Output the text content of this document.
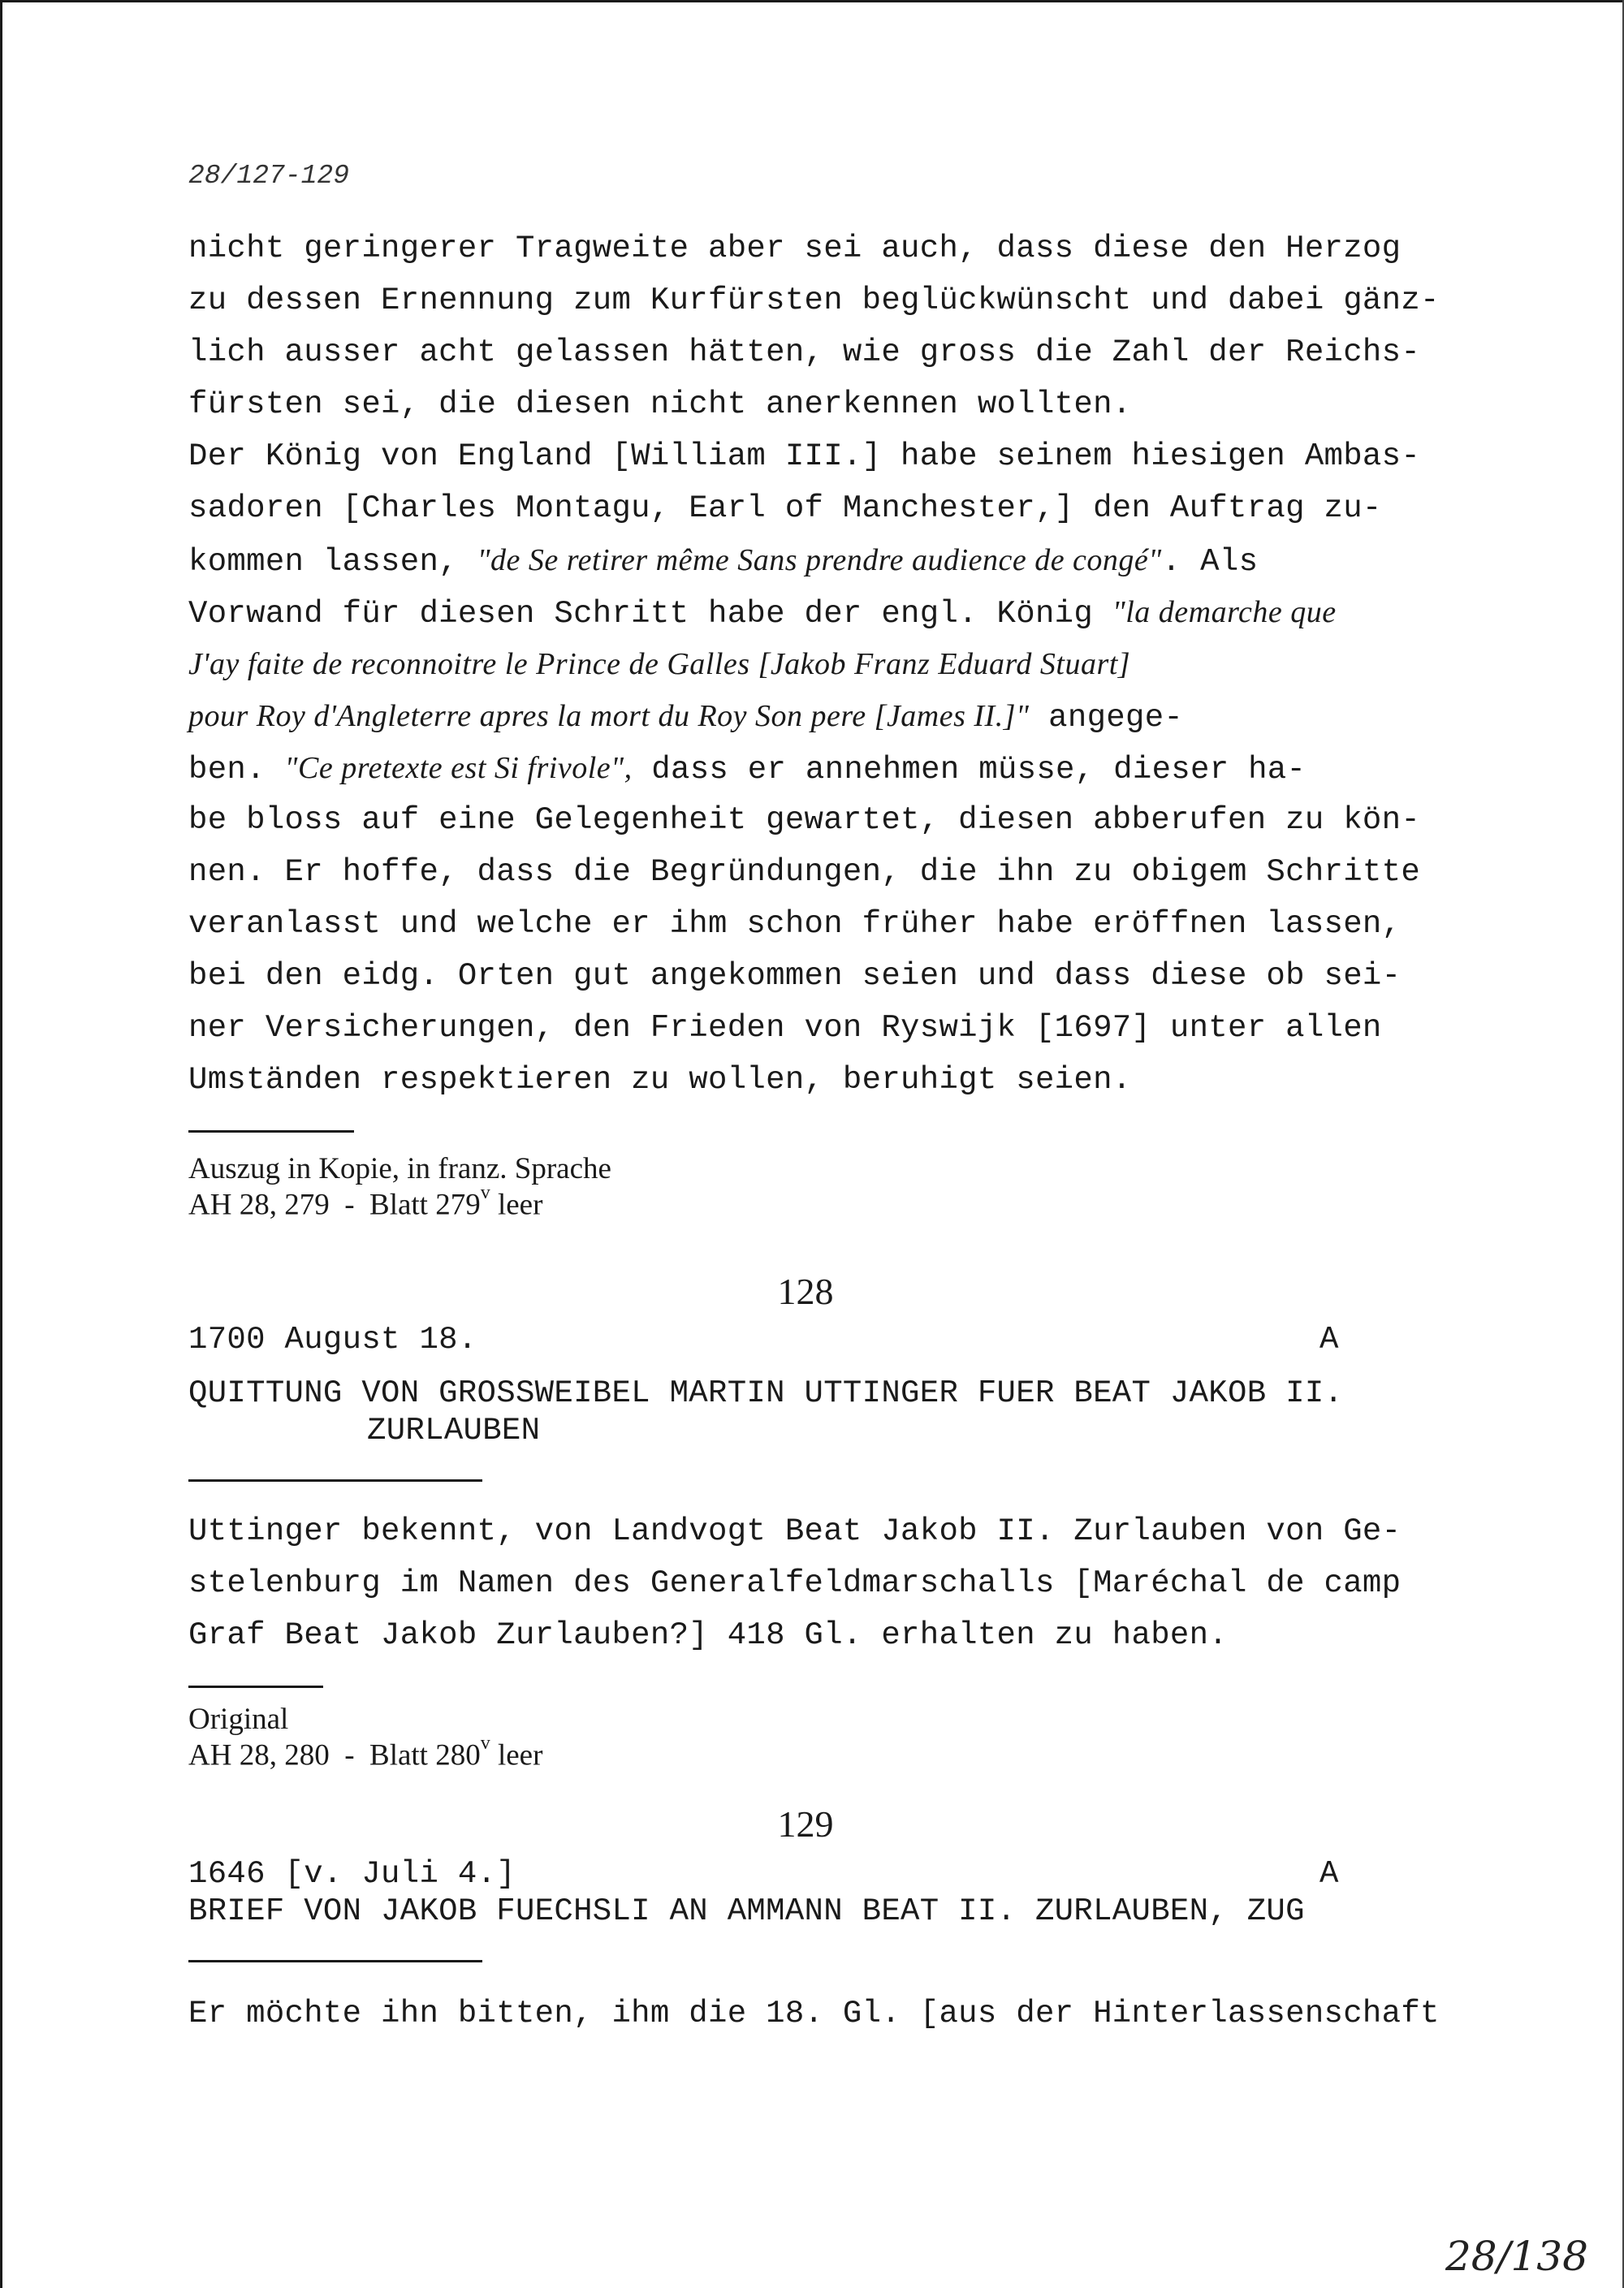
28/127-129
nicht geringerer Tragweite aber sei auch, dass diese den Herzog
zu dessen Ernennung zum Kurfürsten beglückwünscht und dabei gänz-
lich ausser acht gelassen hätten, wie gross die Zahl der Reichs-
fürsten sei, die diesen nicht anerkennen wollten.
Der König von England [William III.] habe seinem hiesigen Ambas-
sadoren [Charles Montagu, Earl of Manchester,] den Auftrag zu-
kommen lassen, "de Se retirer même Sans prendre audience de congé". Als
Vorwand für diesen Schritt habe der engl. König "la demarche que
J'ay faite de reconnoitre le Prince de Galles [Jakob Franz Eduard Stuart]
pour Roy d'Angleterre apres la mort du Roy Son pere [James II.]" angege-
ben. "Ce pretexte est Si frivole", dass er annehmen müsse, dieser ha-
be bloss auf eine Gelegenheit gewartet, diesen abberufen zu kön-
nen. Er hoffe, dass die Begründungen, die ihn zu obigem Schritte
veranlasst und welche er ihm schon früher habe eröffnen lassen,
bei den eidg. Orten gut angekommen seien und dass diese ob sei-
ner Versicherungen, den Frieden von Ryswijk [1697] unter allen
Umständen respektieren zu wollen, beruhigt seien.
Auszug in Kopie, in franz. Sprache
AH 28, 279  -  Blatt 279$^v$ leer
128
1700 August 18.	A
QUITTUNG VON GROSSWEIBEL MARTIN UTTINGER FUER BEAT JAKOB II.
ZURLAUBEN
Uttinger bekennt, von Landvogt Beat Jakob II. Zurlauben von Ge-
stelenburg im Namen des Generalfeldmarschalls [Maréchal de camp
Graf Beat Jakob Zurlauben?] 418 Gl. erhalten zu haben.
Original
AH 28, 280  -  Blatt 280$^v$ leer
129
1646 [v. Juli 4.]	A
BRIEF VON JAKOB FUECHSLI AN AMMANN BEAT II. ZURLAUBEN, ZUG
Er möchte ihn bitten, ihm die 18. Gl. [aus der Hinterlassenschaft
28/138
